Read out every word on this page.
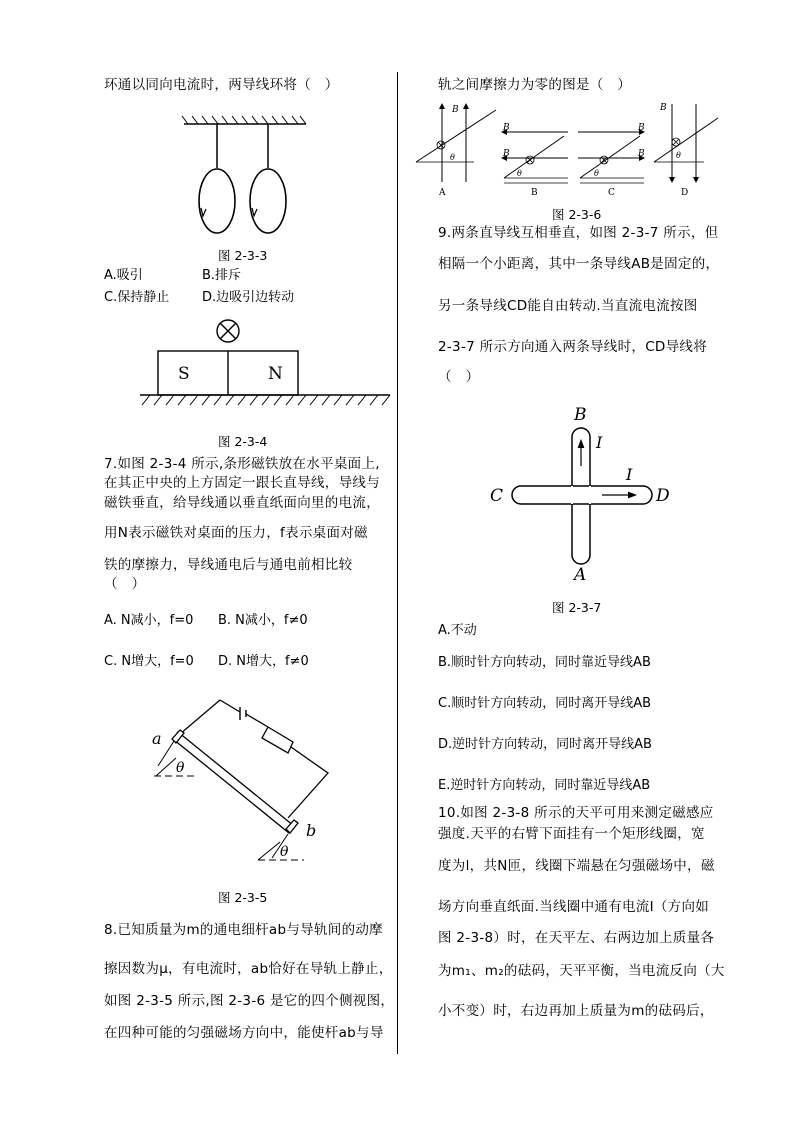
环通以同向电流时，两导线环将（　）
图 2-3-3
A.吸引	B.排斥
C.保持静止	D.边吸引边转动
S	N
图 2-3-4
7.如图 2-3-4 所示,条形磁铁放在水平桌面上,
在其正中央的上方固定一跟长直导线，导线与
磁铁垂直，给导线通以垂直纸面向里的电流，
用N表示磁铁对桌面的压力，f表示桌面对磁
铁的摩擦力，导线通电后与通电前相比较
（　）
A. N减小，f=0 B. N减小，f≠0
C. N增大，f=0 D. N增大，f≠0
θ
θ
a
b
图 2-3-5
8.已知质量为m的通电细杆ab与导轨间的动摩
擦因数为μ，有电流时，ab恰好在导轨上静止，
如图 2-3-5 所示,图 2-3-6 是它的四个侧视图，
在四种可能的匀强磁场方向中，能使杆ab与导
轨之间摩擦力为零的图是（　）
B
θ
A
B
B
θ
B
B
B
θ
C
B
θ
D
图 2-3-6
9.两条直导线互相垂直，如图 2-3-7 所示，但
相隔一个小距离，其中一条导线AB是固定的，
另一条导线CD能自由转动.当直流电流按图
2-3-7 所示方向通入两条导线时，CD导线将
（　）
B
A
C	D
I
I
图 2-3-7
A.不动
B.顺时针方向转动，同时靠近导线AB
C.顺时针方向转动，同时离开导线AB
D.逆时针方向转动，同时离开导线AB
E.逆时针方向转动，同时靠近导线AB
10.如图 2-3-8 所示的天平可用来测定磁感应
强度.天平的右臂下面挂有一个矩形线圈，宽
度为l，共N匝，线圈下端悬在匀强磁场中，磁
场方向垂直纸面.当线圈中通有电流I（方向如
图 2-3-8）时，在天平左、右两边加上质量各
为m₁、m₂的砝码，天平平衡，当电流反向（大
小不变）时，右边再加上质量为m的砝码后，
